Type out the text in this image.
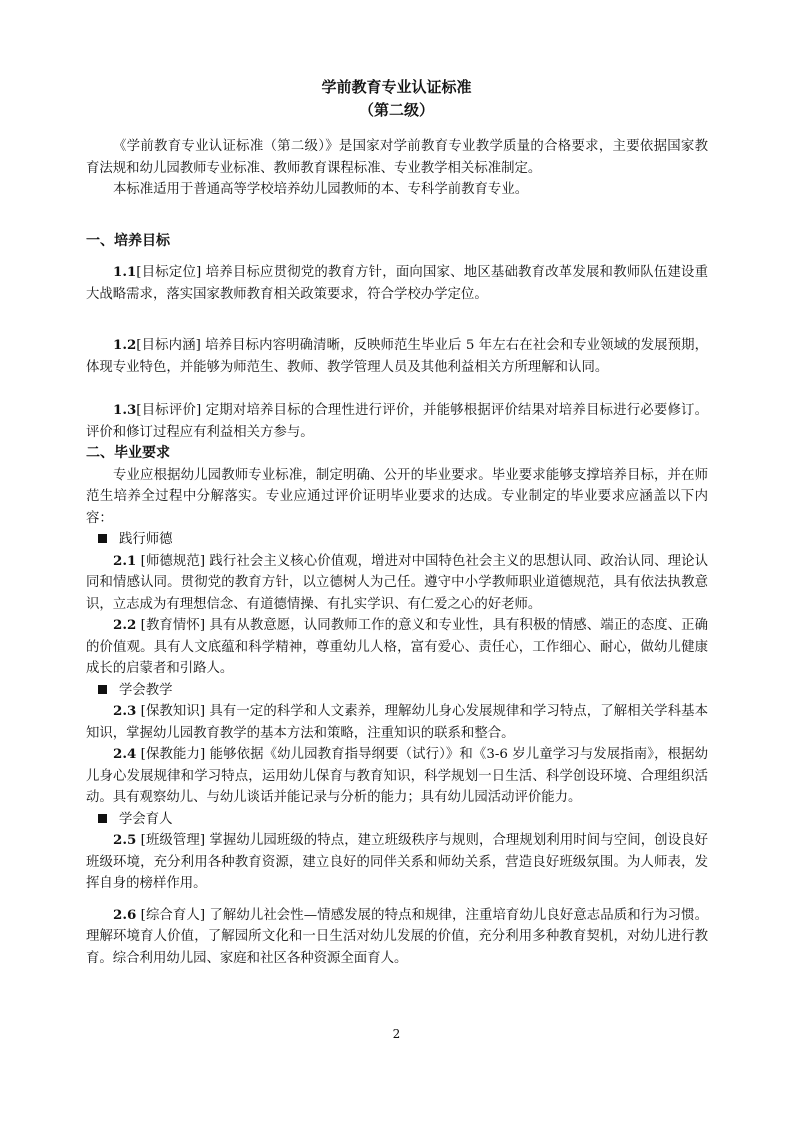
学前教育专业认证标准
（第二级）

《学前教育专业认证标准（第二级）》是国家对学前教育专业教学质量的合格要求，主要依据国家教育法规和幼儿园教师专业标准、教师教育课程标准、专业教学相关标准制定。

本标准适用于普通高等学校培养幼儿园教师的本、专科学前教育专业。

一、培养目标

1.1[目标定位] 培养目标应贯彻党的教育方针，面向国家、地区基础教育改革发展和教师队伍建设重大战略需求，落实国家教师教育相关政策要求，符合学校办学定位。

1.2[目标内涵] 培养目标内容明确清晰，反映师范生毕业后 5 年左右在社会和专业领域的发展预期，体现专业特色，并能够为师范生、教师、教学管理人员及其他利益相关方所理解和认同。

1.3[目标评价] 定期对培养目标的合理性进行评价，并能够根据评价结果对培养目标进行必要修订。评价和修订过程应有利益相关方参与。

二、毕业要求

专业应根据幼儿园教师专业标准，制定明确、公开的毕业要求。毕业要求能够支撑培养目标，并在师范生培养全过程中分解落实。专业应通过评价证明毕业要求的达成。专业制定的毕业要求应涵盖以下内容：

践行师德

2.1 [师德规范] 践行社会主义核心价值观，增进对中国特色社会主义的思想认同、政治认同、理论认同和情感认同。贯彻党的教育方针，以立德树人为己任。遵守中小学教师职业道德规范，具有依法执教意识，立志成为有理想信念、有道德情操、有扎实学识、有仁爱之心的好老师。

2.2 [教育情怀] 具有从教意愿，认同教师工作的意义和专业性，具有积极的情感、端正的态度、正确的价值观。具有人文底蕴和科学精神，尊重幼儿人格，富有爱心、责任心，工作细心、耐心，做幼儿健康成长的启蒙者和引路人。

学会教学

2.3 [保教知识] 具有一定的科学和人文素养，理解幼儿身心发展规律和学习特点，了解相关学科基本知识，掌握幼儿园教育教学的基本方法和策略，注重知识的联系和整合。

2.4 [保教能力] 能够依据《幼儿园教育指导纲要（试行）》和《3-6 岁儿童学习与发展指南》，根据幼儿身心发展规律和学习特点，运用幼儿保育与教育知识，科学规划一日生活、科学创设环境、合理组织活动。具有观察幼儿、与幼儿谈话并能记录与分析的能力；具有幼儿园活动评价能力。

学会育人

2.5 [班级管理] 掌握幼儿园班级的特点，建立班级秩序与规则，合理规划利用时间与空间，创设良好班级环境，充分利用各种教育资源，建立良好的同伴关系和师幼关系，营造良好班级氛围。为人师表，发挥自身的榜样作用。

2.6 [综合育人] 了解幼儿社会性—情感发展的特点和规律，注重培育幼儿良好意志品质和行为习惯。理解环境育人价值，了解园所文化和一日生活对幼儿发展的价值，充分利用多种教育契机，对幼儿进行教育。综合利用幼儿园、家庭和社区各种资源全面育人。

2
